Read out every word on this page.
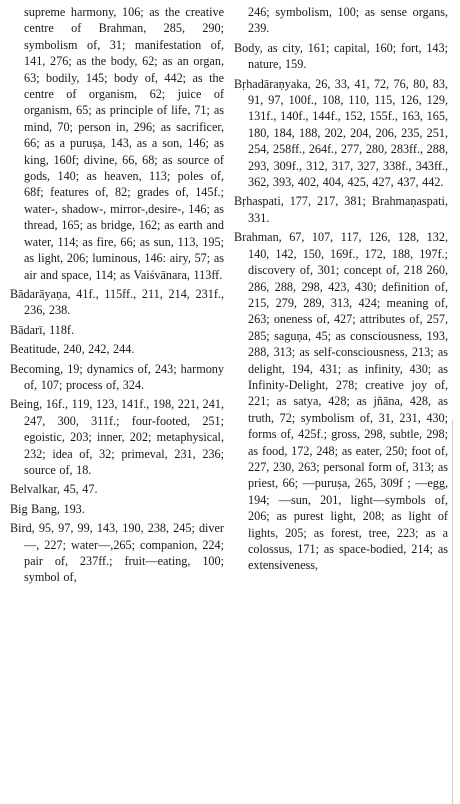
supreme harmony, 106; as the creative centre of Brahman, 285, 290; symbolism of, 31; manifestation of, 141, 276; as the body, 62; as an organ, 63; bodily, 145; body of, 442; as the centre of organism, 62; juice of organism, 65; as principle of life, 71; as mind, 70; person in, 296; as sacrificer, 66; as a puruṣa, 143, as a son, 146; as king, 160f; divine, 66, 68; as source of gods, 140; as heaven, 113; poles of, 68f; features of, 82; grades of, 145f.; water-, shadow-, mirror-,desire-, 146; as thread, 165; as bridge, 162; as earth and water, 114; as fire, 66; as sun, 113, 195; as light, 206; luminous, 146: airy, 57; as air and space, 114; as Vaiśvānara, 113ff.

Bādarāyaṇa, 41f., 115ff., 211, 214, 231f., 236, 238.

Bādarī, 118f.

Beatitude, 240, 242, 244.

Becoming, 19; dynamics of, 243; harmony of, 107; process of, 324.

Being, 16f., 119, 123, 141f., 198, 221, 241, 247, 300, 311f.; four-footed, 251; egoistic, 203; inner, 202; metaphysical, 232; idea of, 32; primeval, 231, 236; source of, 18.

Belvalkar, 45, 47.

Big Bang, 193.

Bird, 95, 97, 99, 143, 190, 238, 245; diver—, 227; water—,265; companion, 224; pair of, 237ff.; fruit—eating, 100; symbol of,

246; symbolism, 100; as sense organs, 239.

Body, as city, 161; capital, 160; fort, 143; nature, 159.

Bṛhadāraṇyaka, 26, 33, 41, 72, 76, 80, 83, 91, 97, 100f., 108, 110, 115, 126, 129, 131f., 140f., 144f., 152, 155f., 163, 165, 180, 184, 188, 202, 204, 206, 235, 251, 254, 258ff., 264f., 277, 280, 283ff., 288, 293, 309f., 312, 317, 327, 338f., 343ff., 362, 393, 402, 404, 425, 427, 437, 442.

Bṛhaspati, 177, 217, 381; Brahmaṇaspati, 331.

Brahman, 67, 107, 117, 126, 128, 132, 140, 142, 150, 169f., 172, 188, 197f.; discovery of, 301; concept of, 218 260, 286, 288, 298, 423, 430; definition of, 215, 279, 289, 313, 424; meaning of, 263; oneness of, 427; attributes of, 257, 285; saguṇa, 45; as consciousness, 193, 288, 313; as self-consciousness, 213; as delight, 194, 431; as infinity, 430; as Infinity-Delight, 278; creative joy of, 221; as satya, 428; as jñāna, 428, as truth, 72; symbolism of, 31, 231, 430; forms of, 425f.; gross, 298, subtle, 298; as food, 172, 248; as eater, 250; foot of, 227, 230, 263; personal form of, 313; as priest, 66; —puruṣa, 265, 309f ; —egg, 194; —sun, 201, light—symbols of, 206; as purest light, 208; as light of lights, 205; as forest, tree, 223; as a colossus, 171; as space-bodied, 214; as extensiveness,
